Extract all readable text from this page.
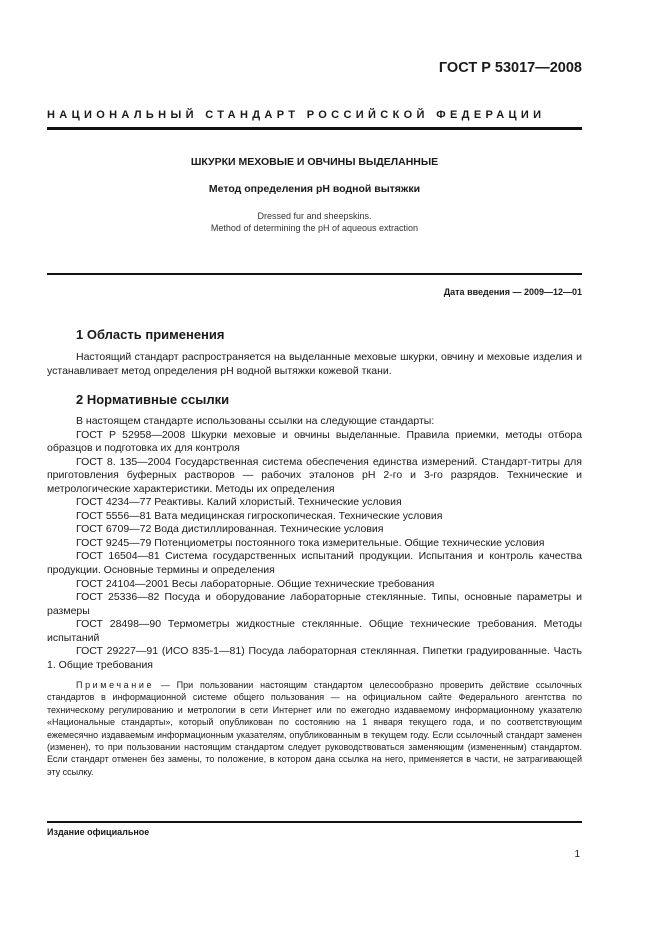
ГОСТ Р 53017—2008
НАЦИОНАЛЬНЫЙ СТАНДАРТ РОССИЙСКОЙ ФЕДЕРАЦИИ
ШКУРКИ МЕХОВЫЕ И ОВЧИНЫ ВЫДЕЛАННЫЕ
Метод определения pH водной вытяжки
Dressed fur and sheepskins.
Method of determining the pH of aqueous extraction
Дата введения — 2009—12—01
1 Область применения

Настоящий стандарт распространяется на выделанные меховые шкурки, овчину и меховые изделия и устанавливает метод определения pH водной вытяжки кожевой ткани.

2 Нормативные ссылки

В настоящем стандарте использованы ссылки на следующие стандарты:

ГОСТ Р 52958—2008 Шкурки меховые и овчины выделанные. Правила приемки, методы отбора образцов и подготовка их для контроля

ГОСТ 8. 135—2004 Государственная система обеспечения единства измерений. Стандарт-титры для приготовления буферных растворов — рабочих эталонов pH 2-го и 3-го разрядов. Технические и метрологические характеристики. Методы их определения

ГОСТ 4234—77 Реактивы. Калий хлористый. Технические условия

ГОСТ 5556—81 Вата медицинская гигроскопическая. Технические условия

ГОСТ 6709—72 Вода дистиллированная. Технические условия

ГОСТ 9245—79 Потенциометры постоянного тока измерительные. Общие технические условия

ГОСТ 16504—81 Система государственных испытаний продукции. Испытания и контроль качества продукции. Основные термины и определения

ГОСТ 24104—2001 Весы лабораторные. Общие технические требования

ГОСТ 25336—82 Посуда и оборудование лабораторные стеклянные. Типы, основные параметры и размеры

ГОСТ 28498—90 Термометры жидкостные стеклянные. Общие технические требования. Методы испытаний

ГОСТ 29227—91 (ИСО 835-1—81) Посуда лабораторная стеклянная. Пипетки градуированные. Часть 1. Общие требования

Примечание — При пользовании настоящим стандартом целесообразно проверить действие ссылочных стандартов в информационной системе общего пользования — на официальном сайте Федерального агентства по техническому регулированию и метрологии в сети Интернет или по ежегодно издаваемому информационному указателю «Национальные стандарты», который опубликован по состоянию на 1 января текущего года, и по соответствующим ежемесячно издаваемым информационным указателям, опубликованным в текущем году. Если ссылочный стандарт заменен (изменен), то при пользовании настоящим стандартом следует руководствоваться заменяющим (измененным) стандартом. Если стандарт отменен без замены, то положение, в котором дана ссылка на него, применяется в части, не затрагивающей эту ссылку.
Издание официальное
1
